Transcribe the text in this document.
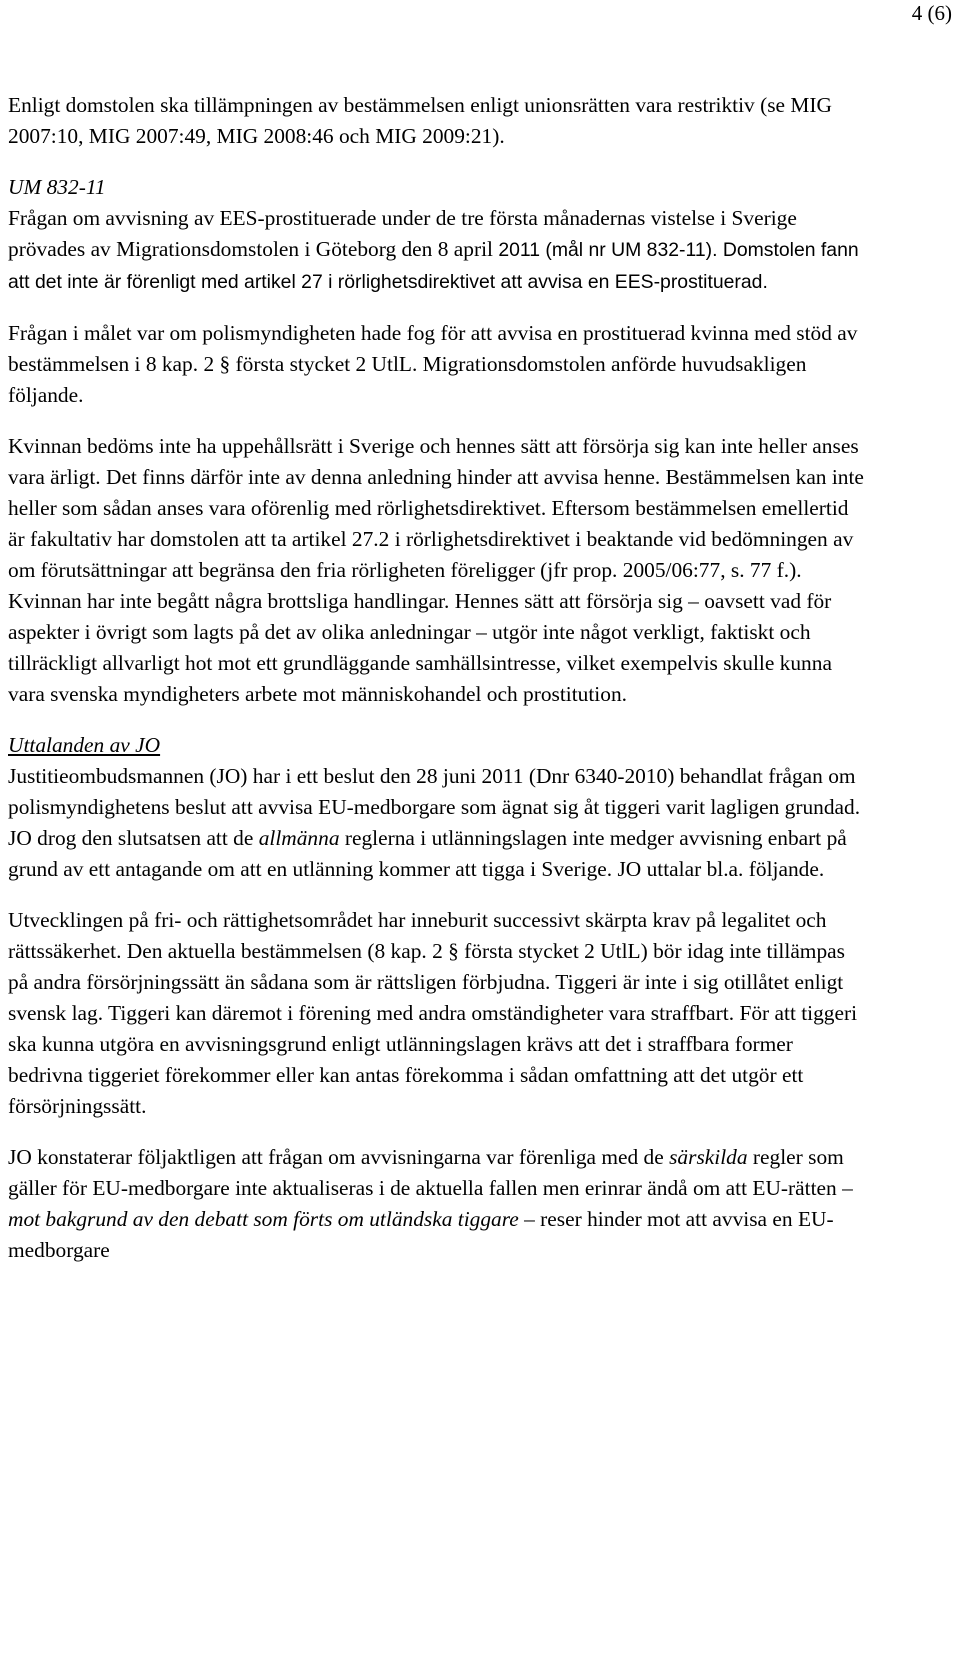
4 (6)

Enligt domstolen ska tillämpningen av bestämmelsen enligt unionsrätten vara restriktiv (se MIG 2007:10, MIG 2007:49, MIG 2008:46 och MIG 2009:21).

UM 832-11

Frågan om avvisning av EES-prostituerade under de tre första månadernas vistelse i Sverige prövades av Migrationsdomstolen i Göteborg den 8 april 2011 (mål nr UM 832-11). Domstolen fann att det inte är förenligt med artikel 27 i rörlighetsdirektivet att avvisa en EES-prostituerad.

Frågan i målet var om polismyndigheten hade fog för att avvisa en prostituerad kvinna med stöd av bestämmelsen i 8 kap. 2 § första stycket 2 UtlL. Migrationsdomstolen anförde huvudsakligen följande.

Kvinnan bedöms inte ha uppehållsrätt i Sverige och hennes sätt att försörja sig kan inte heller anses vara ärligt. Det finns därför inte av denna anledning hinder att avvisa henne. Bestämmelsen kan inte heller som sådan anses vara oförenlig med rörlighetsdirektivet. Eftersom bestämmelsen emellertid är fakultativ har domstolen att ta artikel 27.2 i rörlighetsdirektivet i beaktande vid bedömningen av om förutsättningar att begränsa den fria rörligheten föreligger (jfr prop. 2005/06:77, s. 77 f.). Kvinnan har inte begått några brottsliga handlingar. Hennes sätt att försörja sig – oavsett vad för aspekter i övrigt som lagts på det av olika anledningar – utgör inte något verkligt, faktiskt och tillräckligt allvarligt hot mot ett grundläggande samhällsintresse, vilket exempelvis skulle kunna vara svenska myndigheters arbete mot människohandel och prostitution.

Uttalanden av JO

Justitieombudsmannen (JO) har i ett beslut den 28 juni 2011 (Dnr 6340-2010) behandlat frågan om polismyndighetens beslut att avvisa EU-medborgare som ägnat sig åt tiggeri varit lagligen grundad. JO drog den slutsatsen att de allmänna reglerna i utlänningslagen inte medger avvisning enbart på grund av ett antagande om att en utlänning kommer att tigga i Sverige. JO uttalar bl.a. följande.

Utvecklingen på fri- och rättighetsområdet har inneburit successivt skärpta krav på legalitet och rättssäkerhet. Den aktuella bestämmelsen (8 kap. 2 § första stycket 2 UtlL) bör idag inte tillämpas på andra försörjningssätt än sådana som är rättsligen förbjudna. Tiggeri är inte i sig otillåtet enligt svensk lag. Tiggeri kan däremot i förening med andra omständigheter vara straffbart. För att tiggeri ska kunna utgöra en avvisningsgrund enligt utlänningslagen krävs att det i straffbara former bedrivna tiggeriet förekommer eller kan antas förekomma i sådan omfattning att det utgör ett försörjningssätt.

JO konstaterar följaktligen att frågan om avvisningarna var förenliga med de särskilda regler som gäller för EU-medborgare inte aktualiseras i de aktuella fallen men erinrar ändå om att EU-rätten – mot bakgrund av den debatt som förts om utländska tiggare – reser hinder mot att avvisa en EU-medborgare
